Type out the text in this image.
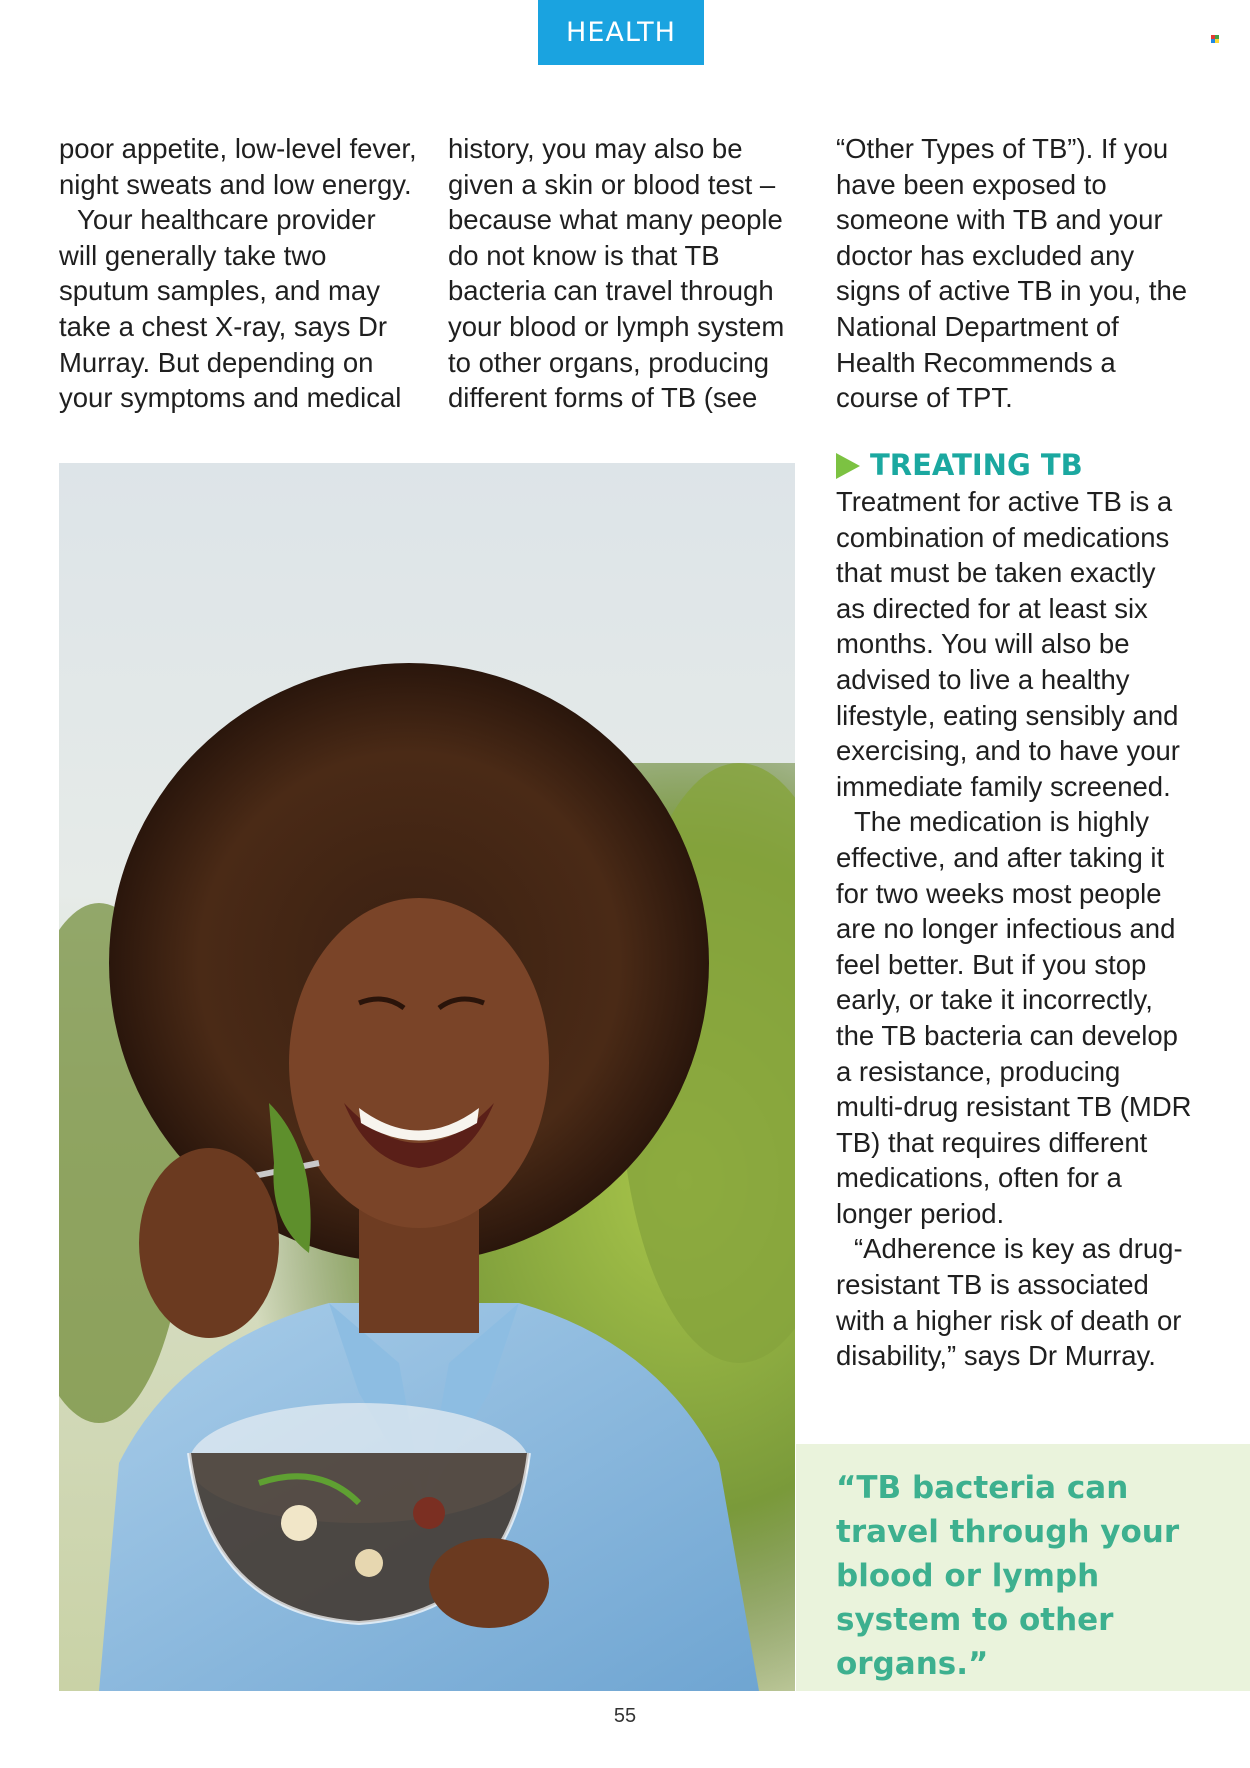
HEALTH

poor appetite, low-level fever, night sweats and low energy.

Your healthcare provider will generally take two sputum samples, and may take a chest X-ray, says Dr Murray. But depending on your symptoms and medical

history, you may also be given a skin or blood test – because what many people do not know is that TB bacteria can travel through your blood or lymph system to other organs, producing different forms of TB (see

“Other Types of TB”). If you have been exposed to someone with TB and your doctor has excluded any signs of active TB in you, the National Department of Health Recommends a course of TPT.

TREATING TB

Treatment for active TB is a combination of medications that must be taken exactly as directed for at least six months. You will also be advised to live a healthy lifestyle, eating sensibly and exercising, and to have your immediate family screened.

The medication is highly effective, and after taking it for two weeks most people are no longer infectious and feel better. But if you stop early, or take it incorrectly, the TB bacteria can develop a resistance, producing multi-drug resistant TB (MDR TB) that requires different medications, often for a longer period.

“Adherence is key as drug-resistant TB is associated with a higher risk of death or disability,” says Dr Murray.

“TB bacteria can travel through your blood or lymph system to other organs.”
55
